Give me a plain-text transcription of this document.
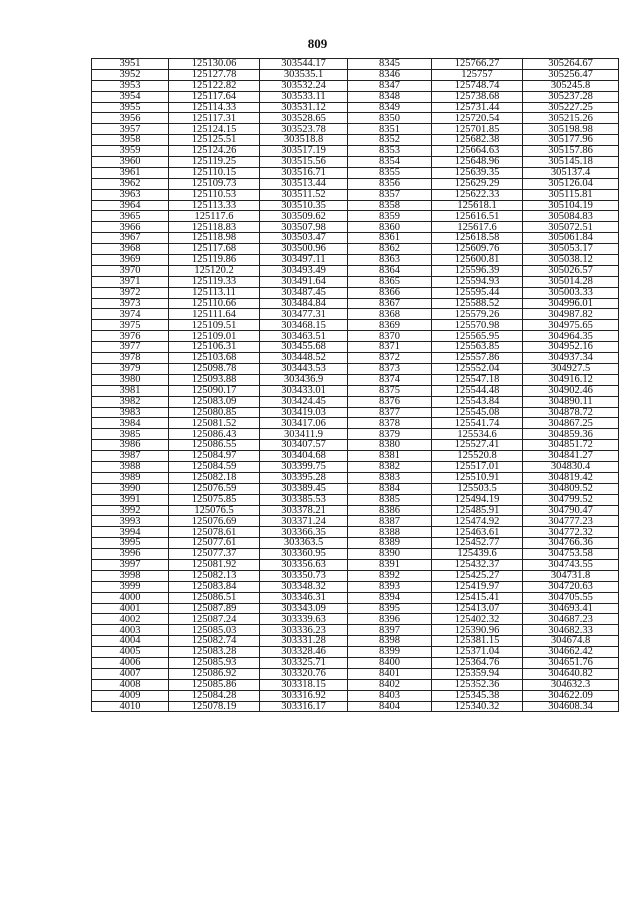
809
3951	125130.06	303544.17	8345	125766.27	305264.67
3952	125127.78	303535.1	8346	125757	305256.47
3953	125122.82	303532.24	8347	125748.74	305245.8
3954	125117.64	303533.11	8348	125738.68	305237.28
3955	125114.33	303531.12	8349	125731.44	305227.25
3956	125117.31	303528.65	8350	125720.54	305215.26
3957	125124.15	303523.78	8351	125701.85	305198.98
3958	125125.51	303518.8	8352	125682.38	305177.96
3959	125124.26	303517.19	8353	125664.63	305157.86
3960	125119.25	303515.56	8354	125648.96	305145.18
3961	125110.15	303516.71	8355	125639.35	305137.4
3962	125109.73	303513.44	8356	125629.29	305126.04
3963	125110.53	303511.52	8357	125622.33	305115.81
3964	125113.33	303510.35	8358	125618.1	305104.19
3965	125117.6	303509.62	8359	125616.51	305084.83
3966	125118.83	303507.98	8360	125617.6	305072.51
3967	125118.98	303503.47	8361	125618.58	305061.84
3968	125117.68	303500.96	8362	125609.76	305053.17
3969	125119.86	303497.11	8363	125600.81	305038.12
3970	125120.2	303493.49	8364	125596.39	305026.57
3971	125119.33	303491.64	8365	125594.93	305014.28
3972	125113.11	303487.45	8366	125595.44	305003.33
3973	125110.66	303484.84	8367	125588.52	304996.01
3974	125111.64	303477.31	8368	125579.26	304987.82
3975	125109.51	303468.15	8369	125570.98	304975.65
3976	125109.01	303463.51	8370	125565.95	304964.35
3977	125106.31	303455.68	8371	125563.85	304952.16
3978	125103.68	303448.52	8372	125557.86	304937.34
3979	125098.78	303443.53	8373	125552.04	304927.5
3980	125093.88	303436.9	8374	125547.18	304916.12
3981	125090.17	303433.01	8375	125544.48	304902.46
3982	125083.09	303424.45	8376	125543.84	304890.11
3983	125080.85	303419.03	8377	125545.08	304878.72
3984	125081.52	303417.06	8378	125541.74	304867.25
3985	125086.43	303411.9	8379	125534.6	304859.36
3986	125086.55	303407.57	8380	125527.41	304851.72
3987	125084.97	303404.68	8381	125520.8	304841.27
3988	125084.59	303399.75	8382	125517.01	304830.4
3989	125082.18	303395.28	8383	125510.91	304819.42
3990	125076.59	303389.45	8384	125503.5	304809.52
3991	125075.85	303385.53	8385	125494.19	304799.52
3992	125076.5	303378.21	8386	125485.91	304790.47
3993	125076.69	303371.24	8387	125474.92	304777.23
3994	125078.61	303366.35	8388	125463.61	304772.32
3995	125077.61	303363.5	8389	125452.77	304766.36
3996	125077.37	303360.95	8390	125439.6	304753.58
3997	125081.92	303356.63	8391	125432.37	304743.55
3998	125082.13	303350.73	8392	125425.27	304731.8
3999	125083.84	303348.32	8393	125419.97	304720.63
4000	125086.51	303346.31	8394	125415.41	304705.55
4001	125087.89	303343.09	8395	125413.07	304693.41
4002	125087.24	303339.63	8396	125402.32	304687.23
4003	125085.03	303336.23	8397	125390.96	304682.33
4004	125082.74	303331.28	8398	125381.15	304674.8
4005	125083.28	303328.46	8399	125371.04	304662.42
4006	125085.93	303325.71	8400	125364.76	304651.76
4007	125086.92	303320.76	8401	125359.94	304640.82
4008	125085.86	303318.15	8402	125352.36	304632.3
4009	125084.28	303316.92	8403	125345.38	304622.09
4010	125078.19	303316.17	8404	125340.32	304608.34
